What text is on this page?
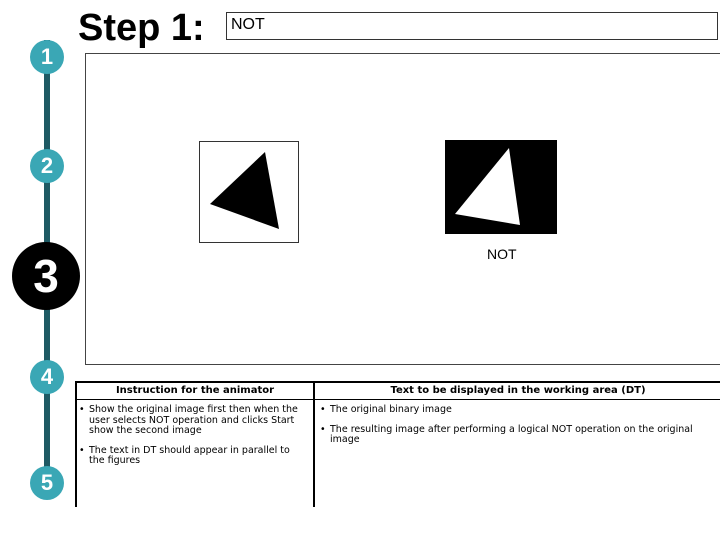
1
2
3
4
5
Step 1:	NOT
NOT
Instruction for the animator	Text to be displayed in the working area (DT)
• Show the original image first then when the user selects NOT operation and clicks Start show the second image
• The text in DT should appear in parallel to the figures
• The original binary image
• The resulting image after performing a logical NOT operation on the original image
